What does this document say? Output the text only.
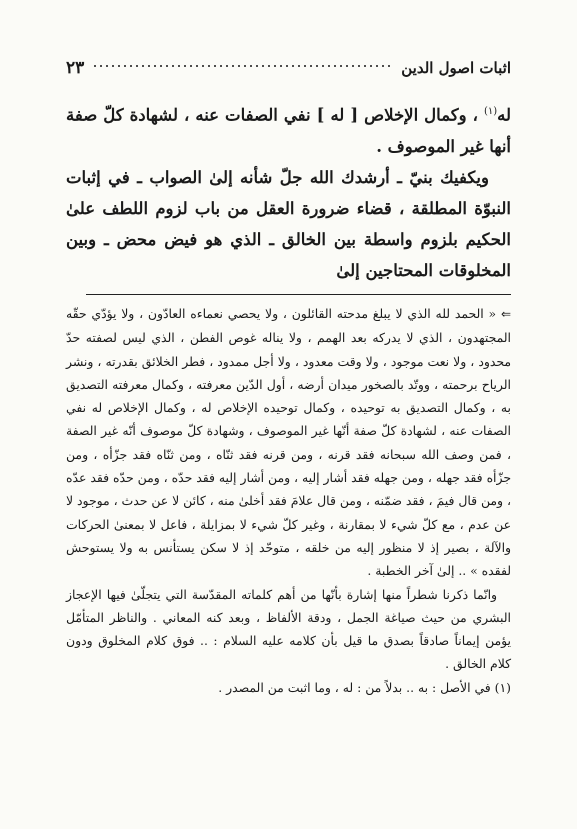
٢٣	اثبات اصول الدين

له$^{(١)}$ ، وكمال الإخلاص [ له ] نفي الصفات عنه ، لشهادة كلّ صفة أنها غير الموصوف .

ويكفيك بنيّ ـ أرشدك الله جلّ شأنه إلىٰ الصواب ـ في إثبات النبوّة المطلقة ، قضاء ضرورة العقل من باب لزوم اللطف علىٰ الحكيم بلزوم واسطة بين الخالق ـ الذي هو فيض محض ـ وبين المخلوقات المحتاجين إلىٰ

⇐ « الحمد لله الذي لا يبلغ مدحته القائلون ، ولا يحصي نعماءه العادّون ، ولا يؤدّي حقّه المجتهدون ، الذي لا يدركه بعد الهمم ، ولا يناله غوص الفطن ، الذي ليس لصفته حدّ محدود ، ولا نعت موجود ، ولا وقت معدود ، ولا أجل ممدود ، فطر الخلائق بقدرته ، ونشر الرياح برحمته ، ووتّد بالصخور ميدان أرضه ، أول الدّين معرفته ، وكمال معرفته التصديق به ، وكمال التصديق به توحيده ، وكمال توحيده الإخلاص له ، وكمال الإخلاص له نفي الصفات عنه ، لشهادة كلّ صفة أنّها غير الموصوف ، وشهادة كلّ موصوف أنّه غير الصفة ، فمن وصف الله سبحانه فقد قرنه ، ومن قرنه فقد ثنّاه ، ومن ثنّاه فقد جزّأه ، ومن جزّأه فقد جهله ، ومن جهله فقد أشار إليه ، ومن أشار إليه فقد حدّه ، ومن حدّه فقد عدّه ، ومن قال فيمَ ، فقد ضمّنه ، ومن قال علامَ فقد أخلىٰ منه ، كائن لا عن حدث ، موجود لا عن عدم ، مع كلّ شيء لا بمقارنة ، وغير كلّ شيء لا بمزايلة ، فاعل لا بمعنىٰ الحركات والآلة ، بصير إذ لا منظور إليه من خلقه ، متوحّد إذ لا سكن يستأنس به ولا يستوحش لفقده » .. إلىٰ آخر الخطبة .

وانّما ذكرنا شطراً منها إشارة بأنّها من أهم كلماته المقدّسة التي يتجلّىٰ فيها الإعجاز البشري من حيث صياغة الجمل ، ودقة الألفاظ ، وبعد كنه المعاني . والناظر المتأمّل يؤمن إيماناً صادقاً بصدق ما قيل بأن كلامه عليه السلام : .. فوق كلام المخلوق ودون كلام الخالق .

(١) في الأصل : به .. بدلاً من : له ، وما اثبت من المصدر .
